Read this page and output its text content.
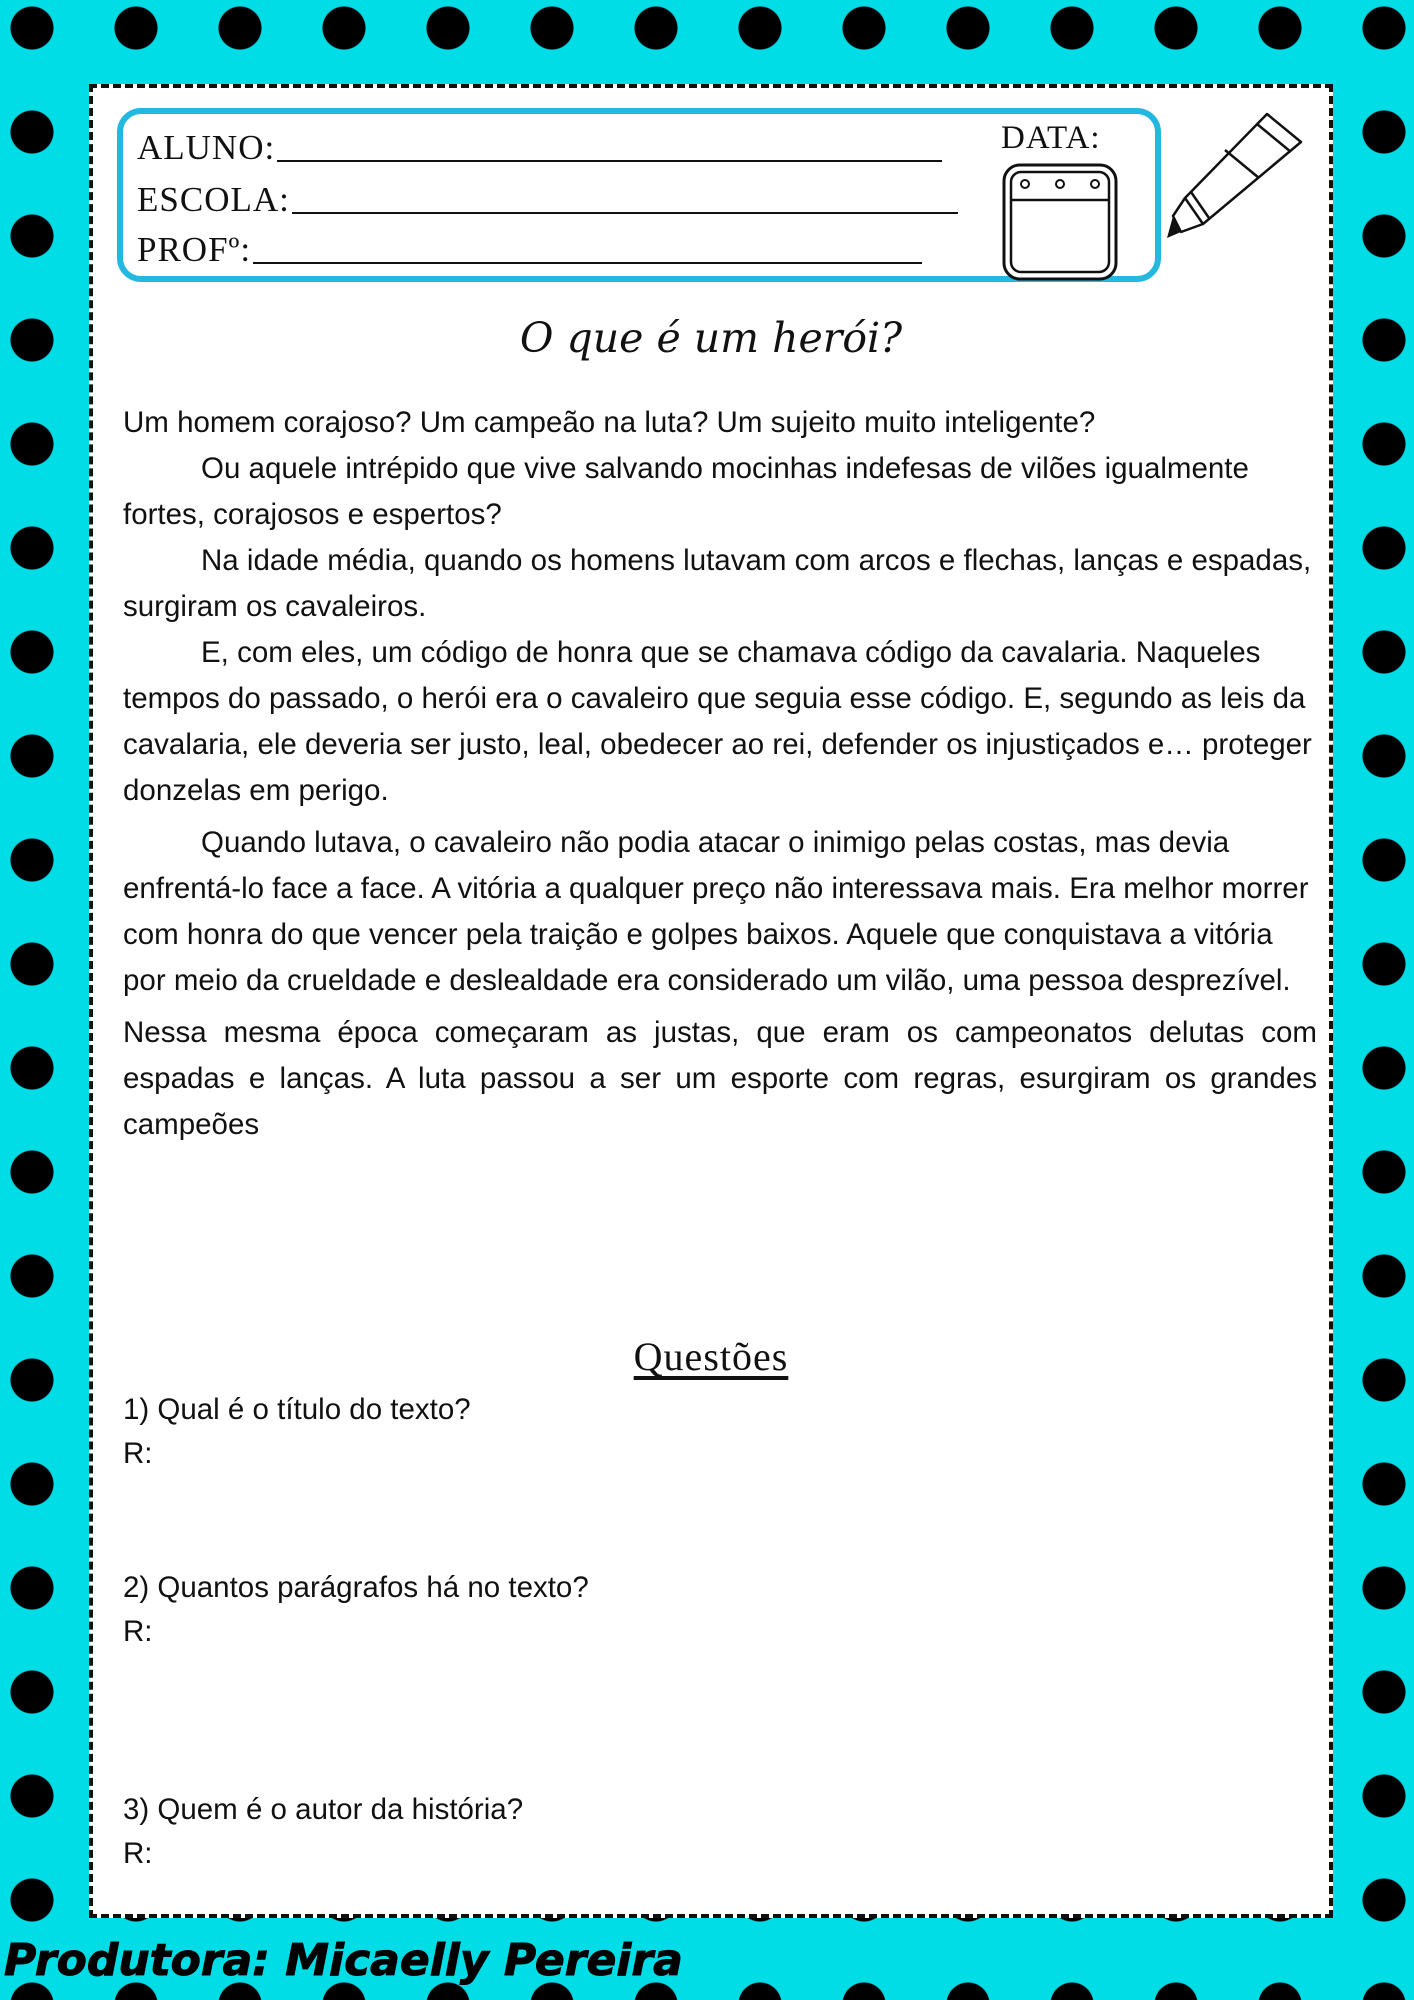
ALUNO:
ESCOLA:
PROFº:
DATA:
O que é um herói?

Um homem corajoso? Um campeão na luta? Um sujeito muito inteligente?

Ou aquele intrépido que vive salvando mocinhas indefesas de vilões igualmente fortes, corajosos e espertos?

Na idade média, quando os homens lutavam com arcos e flechas, lanças e espadas, surgiram os cavaleiros.

E, com eles, um código de honra que se chamava código da cavalaria. Naqueles tempos do passado, o herói era o cavaleiro que seguia esse código. E, segundo as leis da cavalaria, ele deveria ser justo, leal, obedecer ao rei, defender os injustiçados e… proteger donzelas em perigo.

Quando lutava, o cavaleiro não podia atacar o inimigo pelas costas, mas devia enfrentá-lo face a face. A vitória a qualquer preço não interessava mais. Era melhor morrer com honra do que vencer pela traição e golpes baixos. Aquele que conquistava a vitória por meio da crueldade e deslealdade era considerado um vilão, uma pessoa desprezível.

Nessa mesma época começaram as justas, que eram os campeonatos delutas com espadas e lanças. A luta passou a ser um esporte com regras, esurgiram os grandes campeões

Questões
1) Qual é o título do texto?
R:
2) Quantos parágrafos há no texto?
R:
3) Quem é o autor da história?
R:
Produtora: Micaelly Pereira
